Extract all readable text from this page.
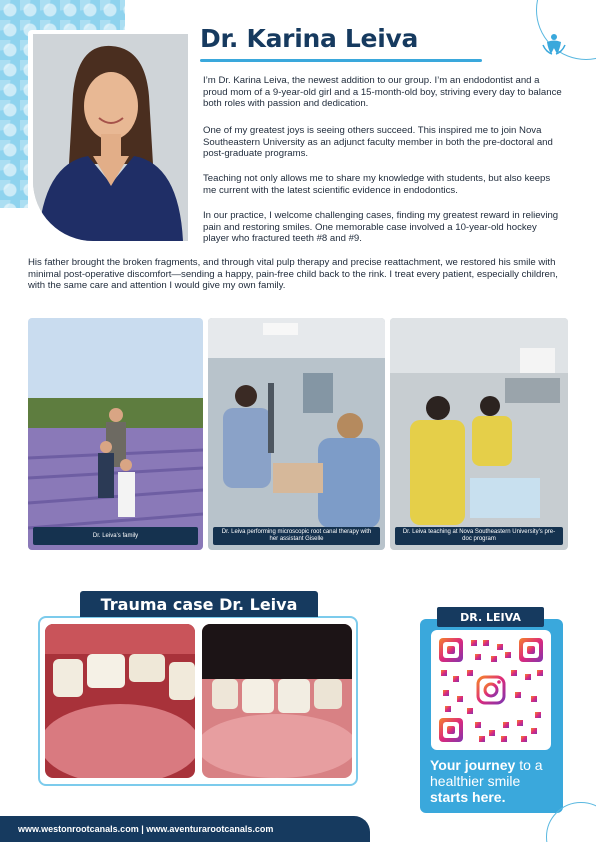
Dr. Karina Leiva

I’m Dr. Karina Leiva, the newest addition to our group. I’m an endodontist and a proud mom of a 9-year-old girl and a 15-month-old boy, striving every day to balance both roles with passion and dedication.

One of my greatest joys is seeing others succeed. This inspired me to join Nova Southeastern University as an adjunct faculty member in both the pre-doctoral and post-graduate programs.

Teaching not only allows me to share my knowledge with students, but also keeps me current with the latest scientific evidence in endodontics.

In our practice, I welcome challenging cases, finding my greatest reward in relieving pain and restoring smiles. One memorable case involved a 10-year-old hockey player who fractured teeth #8 and #9.

His father brought the broken fragments, and through vital pulp therapy and precise reattachment, we restored his smile with minimal post-operative discomfort—sending a happy, pain-free child back to the rink. I treat every patient, especially children, with the same care and attention I would give my own family.

Dr. Leiva’s family
Dr. Leiva performing microscopic root canal therapy with her assistant Giselle
Dr. Leiva teaching at Nova Southeastern University’s pre-doc program
Trauma case Dr. Leiva
DR. LEIVA
Your journey to a healthier smile starts here.
www.westonrootcanals.com | www.aventurarootcanals.com
